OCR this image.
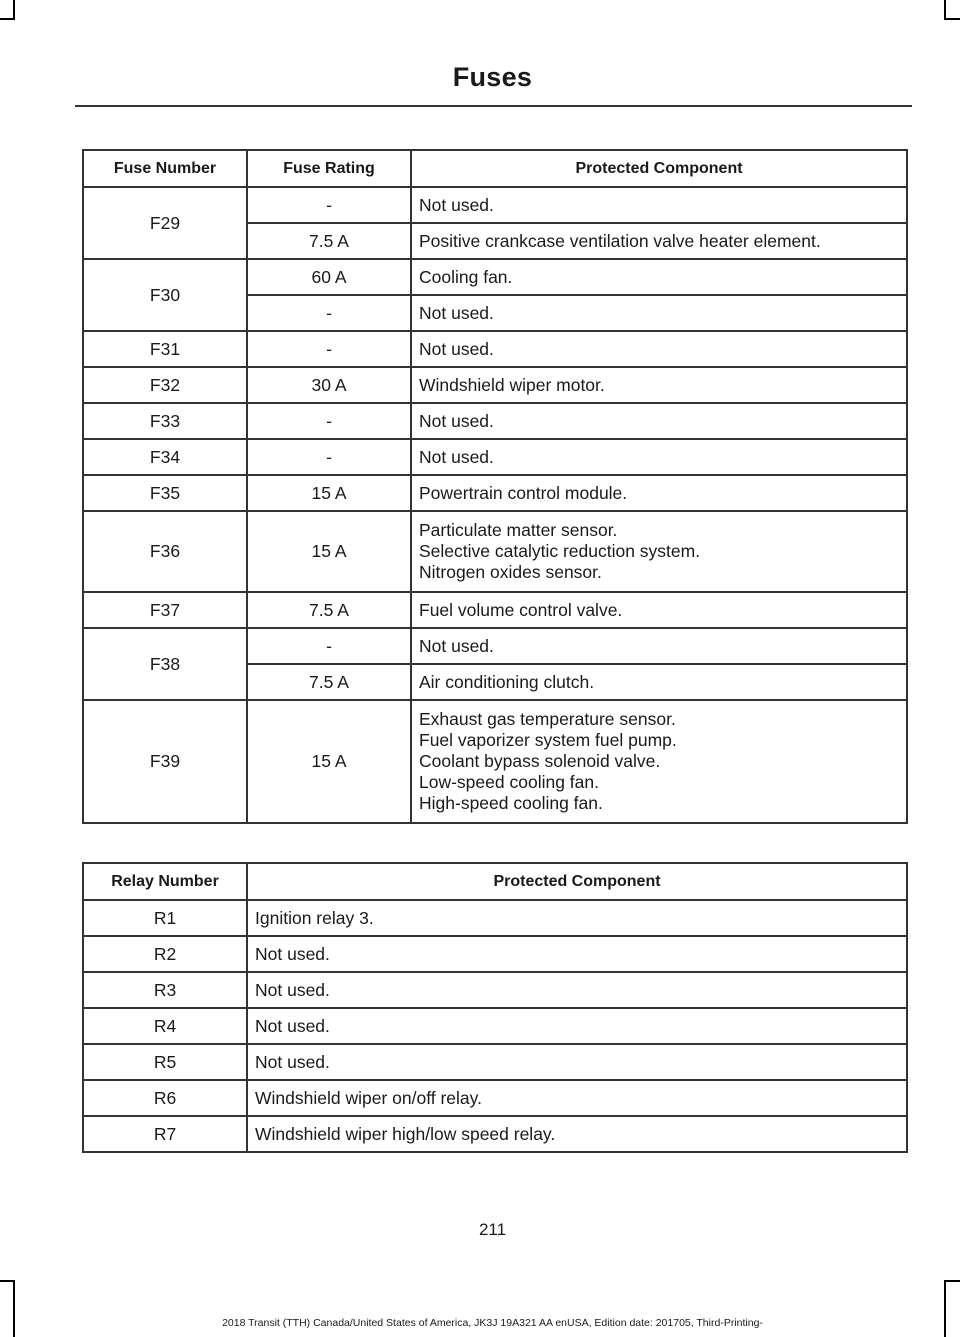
Fuses
Fuse Number	Fuse Rating	Protected Component
F29	-	Not used.
	7.5 A	Positive crankcase ventilation valve heater element.
F30	60 A	Cooling fan.
	-	Not used.
F31	-	Not used.
F32	30 A	Windshield wiper motor.
F33	-	Not used.
F34	-	Not used.
F35	15 A	Powertrain control module.
F36	15 A	Particulate matter sensor.
Selective catalytic reduction system.
Nitrogen oxides sensor.

F37	7.5 A	Fuel volume control valve.
F38	-	Not used.
	7.5 A	Air conditioning clutch.
F39	15 A	Exhaust gas temperature sensor.
Fuel vaporizer system fuel pump.
Coolant bypass solenoid valve.
Low-speed cooling fan.
High-speed cooling fan.
Relay Number	Protected Component
R1	Ignition relay 3.
R2	Not used.
R3	Not used.
R4	Not used.
R5	Not used.
R6	Windshield wiper on/off relay.
R7	Windshield wiper high/low speed relay.
211
2018 Transit (TTH) Canada/United States of America, JK3J 19A321 AA enUSA, Edition date: 201705, Third-Printing-
